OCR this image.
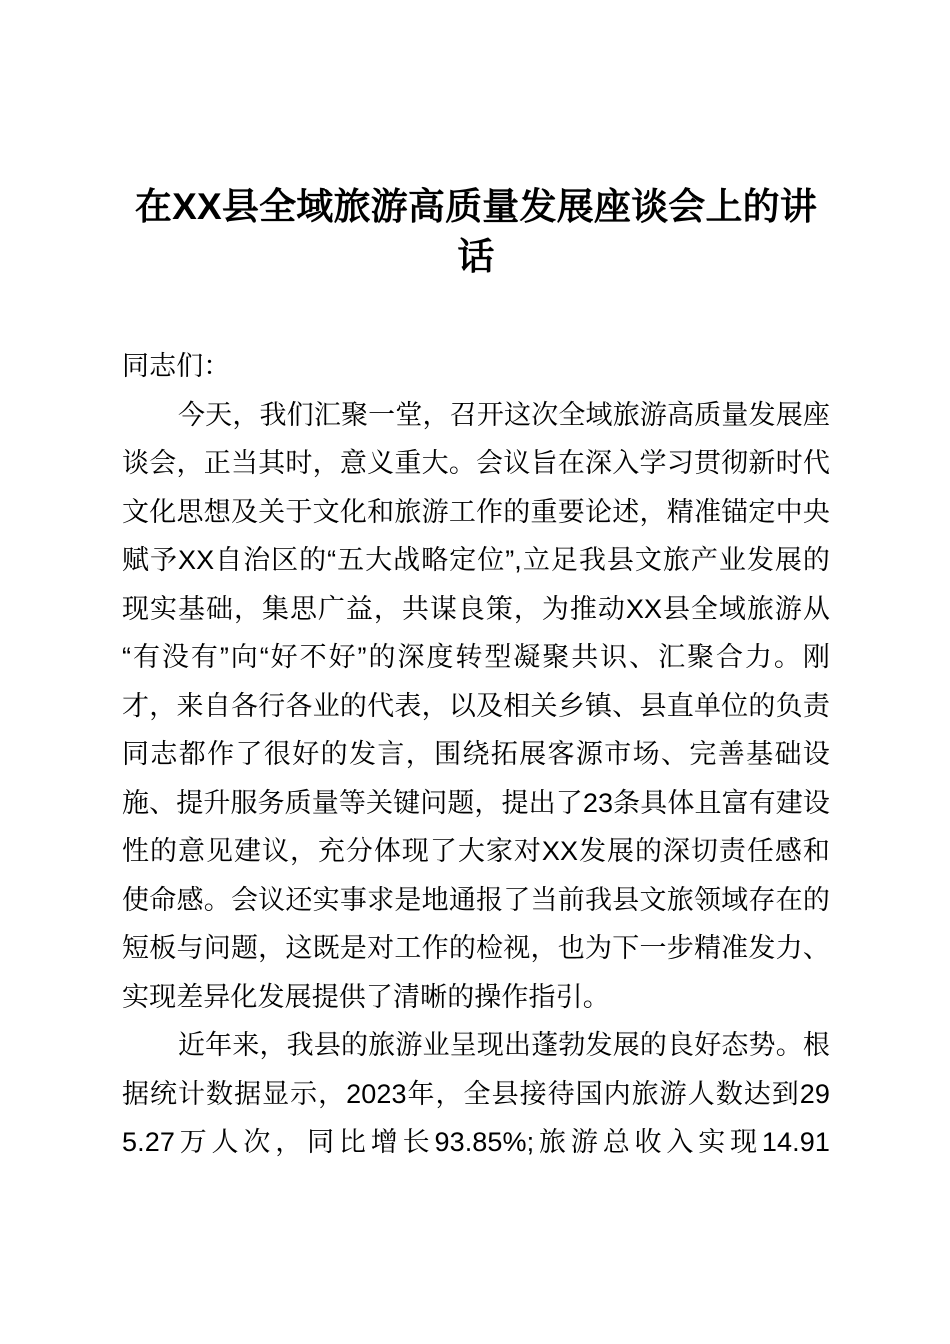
在XX县全域旅游高质量发展座谈会上的讲话

同志们：

今天，我们汇聚一堂，召开这次全域旅游高质量发展座谈会，正当其时，意义重大。会议旨在深入学习贯彻新时代文化思想及关于文化和旅游工作的重要论述，精准锚定中央赋予XX自治区的“五大战略定位”,立足我县文旅产业发展的现实基础，集思广益，共谋良策，为推动XX县全域旅游从“有没有”向“好不好”的深度转型凝聚共识、汇聚合力。刚才，来自各行各业的代表，以及相关乡镇、县直单位的负责同志都作了很好的发言，围绕拓展客源市场、完善基础设施、提升服务质量等关键问题，提出了23条具体且富有建设性的意见建议，充分体现了大家对XX发展的深切责任感和使命感。会议还实事求是地通报了当前我县文旅领域存在的短板与问题，这既是对工作的检视，也为下一步精准发力、实现差异化发展提供了清晰的操作指引。

近年来，我县的旅游业呈现出蓬勃发展的良好态势。根据统计数据显示，2023年，全县接待国内旅游人数达到295.27万人次，同比增长93.85%;旅游总收入实现14.91
